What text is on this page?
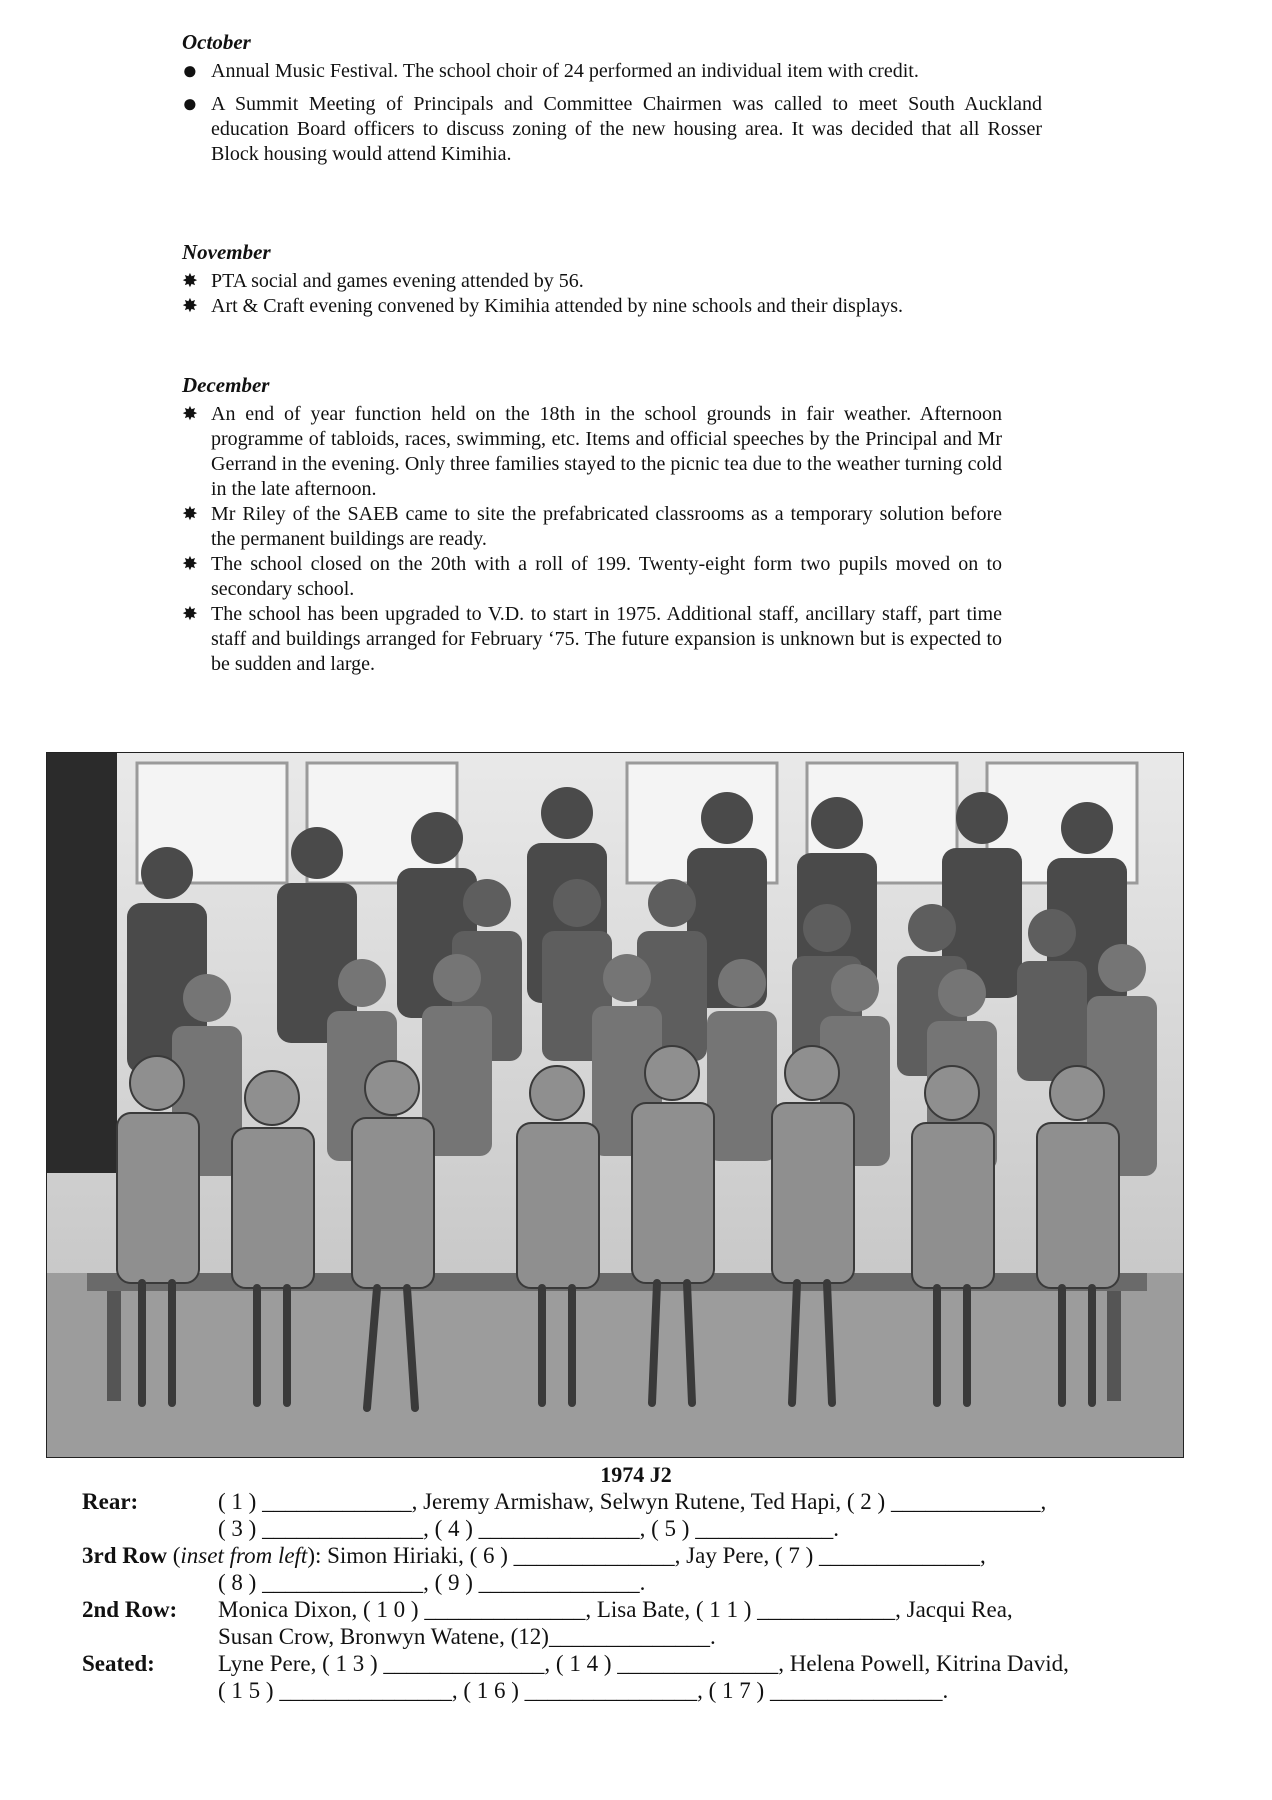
October
● Annual Music Festival. The school choir of 24 performed an individual item with credit.
● A Summit Meeting of Principals and Committee Chairmen was called to meet South Auckland education Board officers to discuss zoning of the new housing area. It was decided that all Rosser Block housing would attend Kimihia.
November
✸ PTA social and games evening attended by 56.
✸ Art & Craft evening convened by Kimihia attended by nine schools and their displays.
December
✸ An end of year function held on the 18th in the school grounds in fair weather. Afternoon programme of tabloids, races, swimming, etc. Items and official speeches by the Principal and Mr Gerrand in the evening. Only three families stayed to the picnic tea due to the weather turning cold in the late afternoon.
✸ Mr Riley of the SAEB came to site the prefabricated classrooms as a temporary solution before the permanent buildings are ready.
✸ The school closed on the 20th with a roll of 199. Twenty-eight form two pupils moved on to secondary school.
✸ The school has been upgraded to V.D. to start in 1975. Additional staff, ancillary staff, part time staff and buildings arranged for February ‘75. The future expansion is unknown but is expected to be sudden and large.
1974 J2
Rear:	( 1 ) _____________, Jeremy Armishaw, Selwyn Rutene, Ted Hapi, ( 2 ) _____________,
( 3 ) ______________, ( 4 ) ______________, ( 5 ) ____________.
3rd Row (inset from left): Simon Hiriaki, ( 6 ) ______________, Jay Pere, ( 7 ) ______________,
( 8 ) ______________, ( 9 ) ______________.
2nd Row: Monica Dixon, ( 1 0 ) ______________, Lisa Bate, ( 1 1 ) ____________, Jacqui Rea,
Susan Crow, Bronwyn Watene, (12)______________.
Seated:	Lyne Pere, ( 1 3 ) ______________, ( 1 4 ) ______________, Helena Powell, Kitrina David,
( 1 5 ) _______________, ( 1 6 ) _______________, ( 1 7 ) _______________.
